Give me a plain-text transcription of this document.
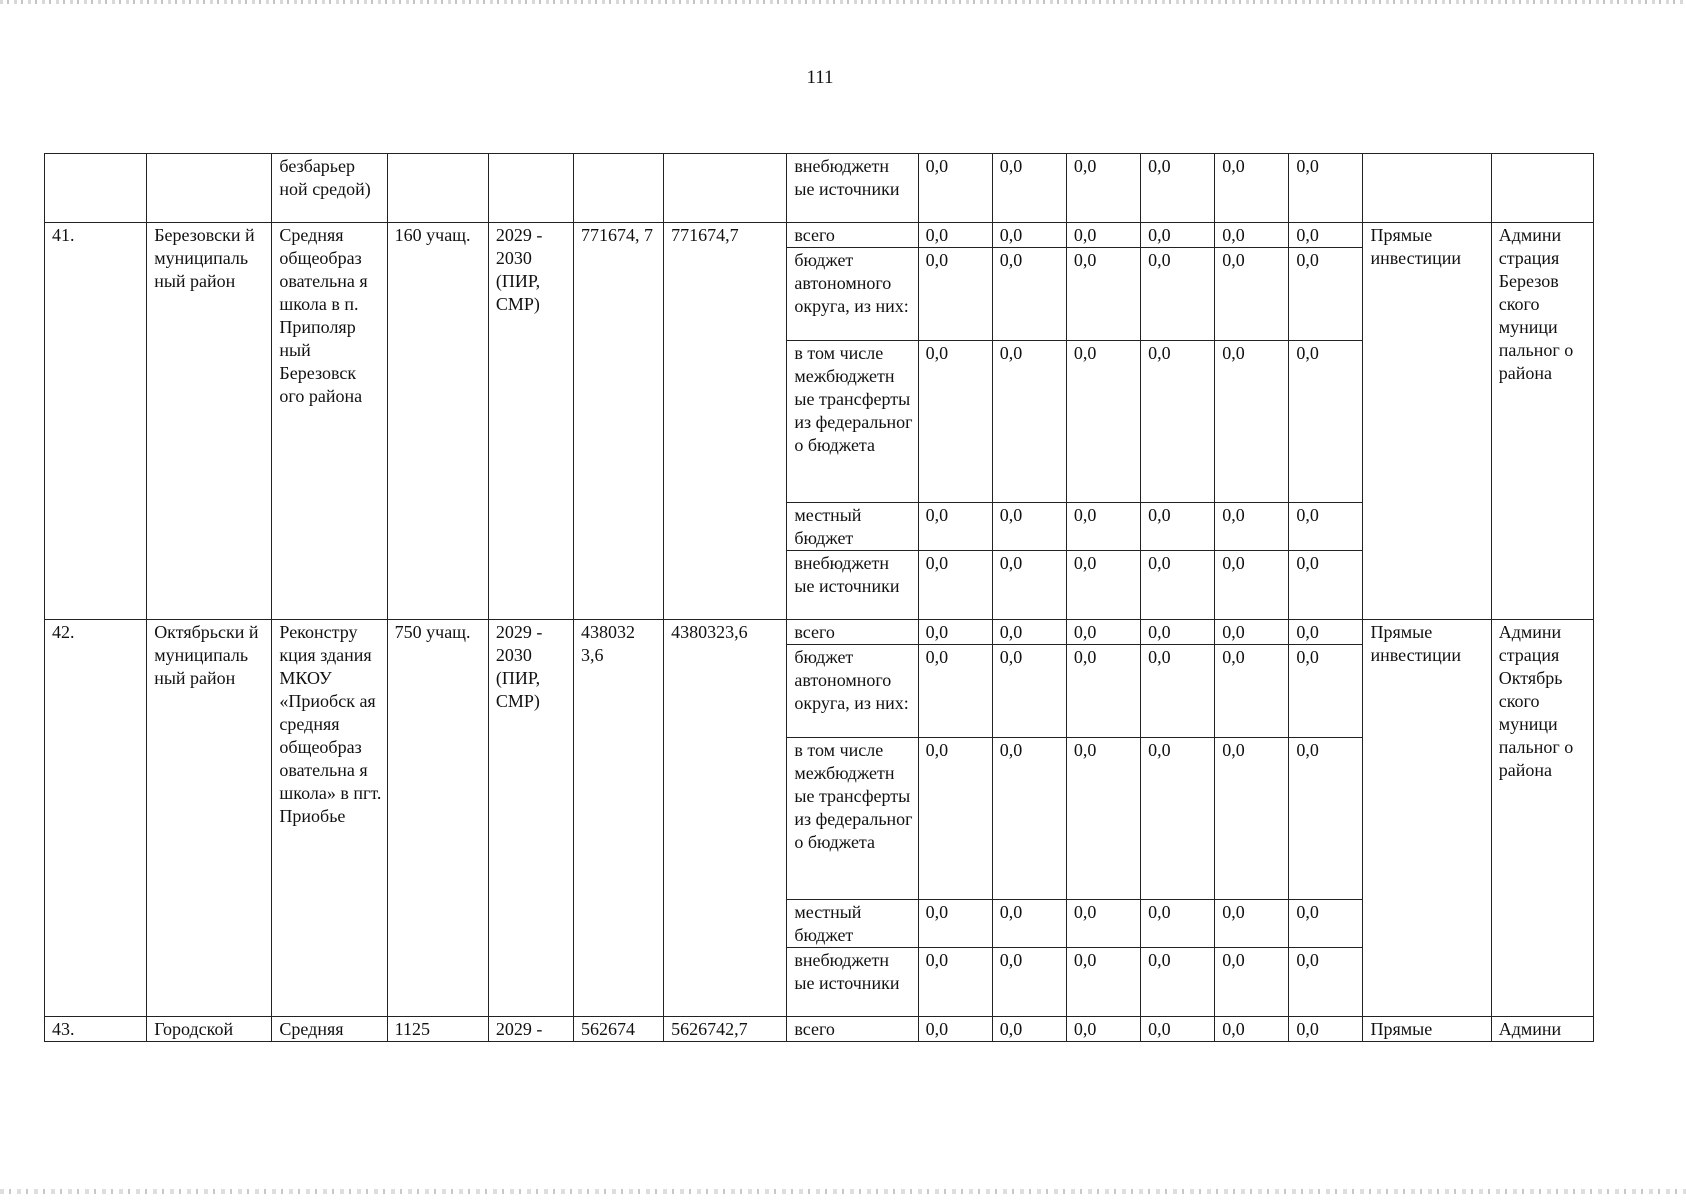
111
		безбарьер ной средой)					внебюджетн ые источники	0,0	0,0	0,0	0,0	0,0	0,0		
41.	Березовски й муниципаль ный район	Средняя общеобраз овательна я школа в п. Приполяр ный Березовск ого района	160 учащ.	2029 - 2030 (ПИР, СМР)	771674, 7	771674,7	всего	0,0	0,0	0,0	0,0	0,0	0,0	Прямые инвестиции	Админи страция Березов ского муници пальног о района
							бюджет автономного округа, из них:	0,0	0,0	0,0	0,0	0,0	0,0		
							в том числе межбюджетн ые трансферты из федеральног о бюджета	0,0	0,0	0,0	0,0	0,0	0,0		
							местный бюджет	0,0	0,0	0,0	0,0	0,0	0,0		
							внебюджетн ые источники	0,0	0,0	0,0	0,0	0,0	0,0		
42.	Октябрьски й муниципаль ный район	Реконстру кция здания МКОУ «Приобск ая средняя общеобраз овательна я школа» в пгт. Приобье	750 учащ.	2029 - 2030 (ПИР, СМР)	438032 3,6	4380323,6	всего	0,0	0,0	0,0	0,0	0,0	0,0	Прямые инвестиции	Админи страция Октябрь ского муници пальног о района
							бюджет автономного округа, из них:	0,0	0,0	0,0	0,0	0,0	0,0		
							в том числе межбюджетн ые трансферты из федеральног о бюджета	0,0	0,0	0,0	0,0	0,0	0,0		
							местный бюджет	0,0	0,0	0,0	0,0	0,0	0,0		
							внебюджетн ые источники	0,0	0,0	0,0	0,0	0,0	0,0		
43.	Городской	Средняя	1125	2029 -	562674	5626742,7	всего	0,0	0,0	0,0	0,0	0,0	0,0	Прямые	Админи
